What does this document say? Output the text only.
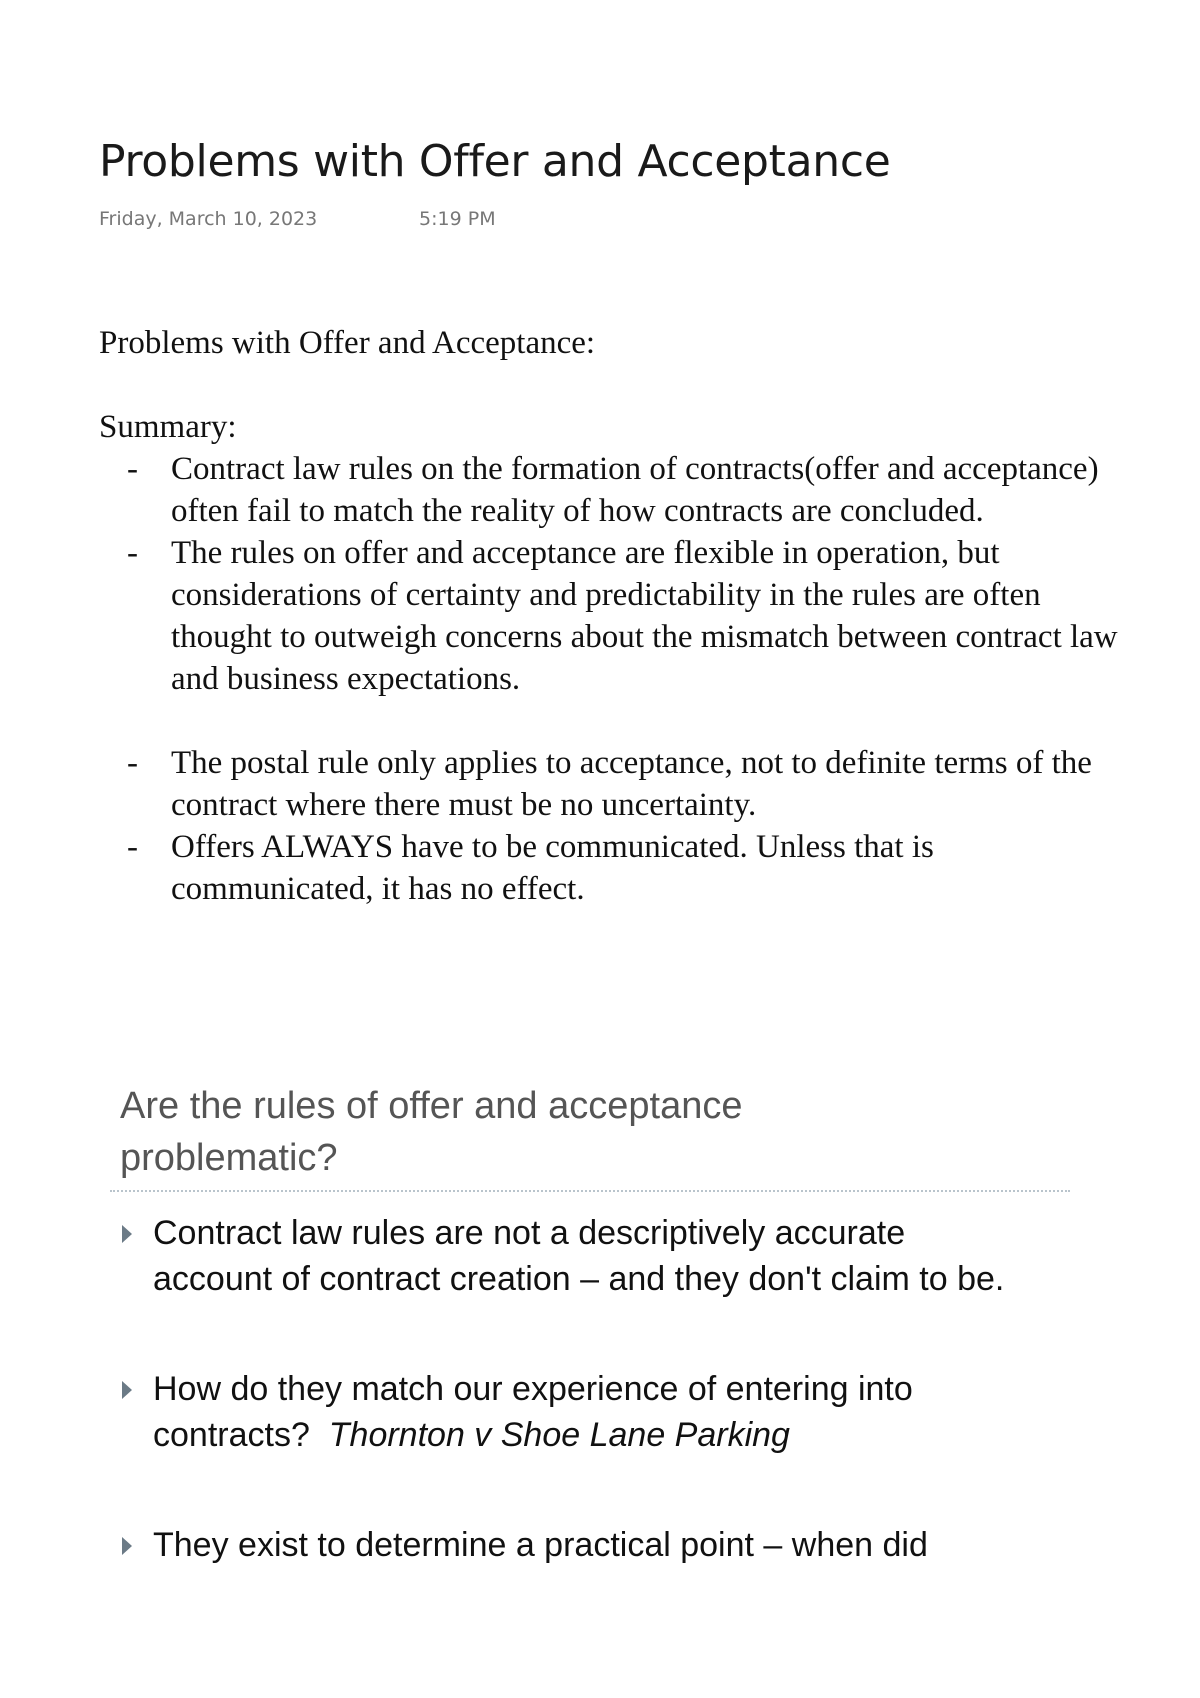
Problems with Offer and Acceptance
Friday, March 10, 2023	5:19 PM

Problems with Offer and Acceptance:

Summary:

- Contract law rules on the formation of contracts(offer and acceptance) often fail to match the reality of how contracts are concluded.
- The rules on offer and acceptance are flexible in operation, but considerations of certainty and predictability in the rules are often thought to outweigh concerns about the mismatch between contract law and business expectations.
- The postal rule only applies to acceptance, not to definite terms of the contract where there must be no uncertainty.
- Offers ALWAYS have to be communicated. Unless that is communicated, it has no effect.
Are the rules of offer and acceptance problematic?
Contract law rules are not a descriptively accurate account of contract creation – and they don't claim to be.
How do they match our experience of entering into contracts? Thornton v Shoe Lane Parking
They exist to determine a practical point – when did
